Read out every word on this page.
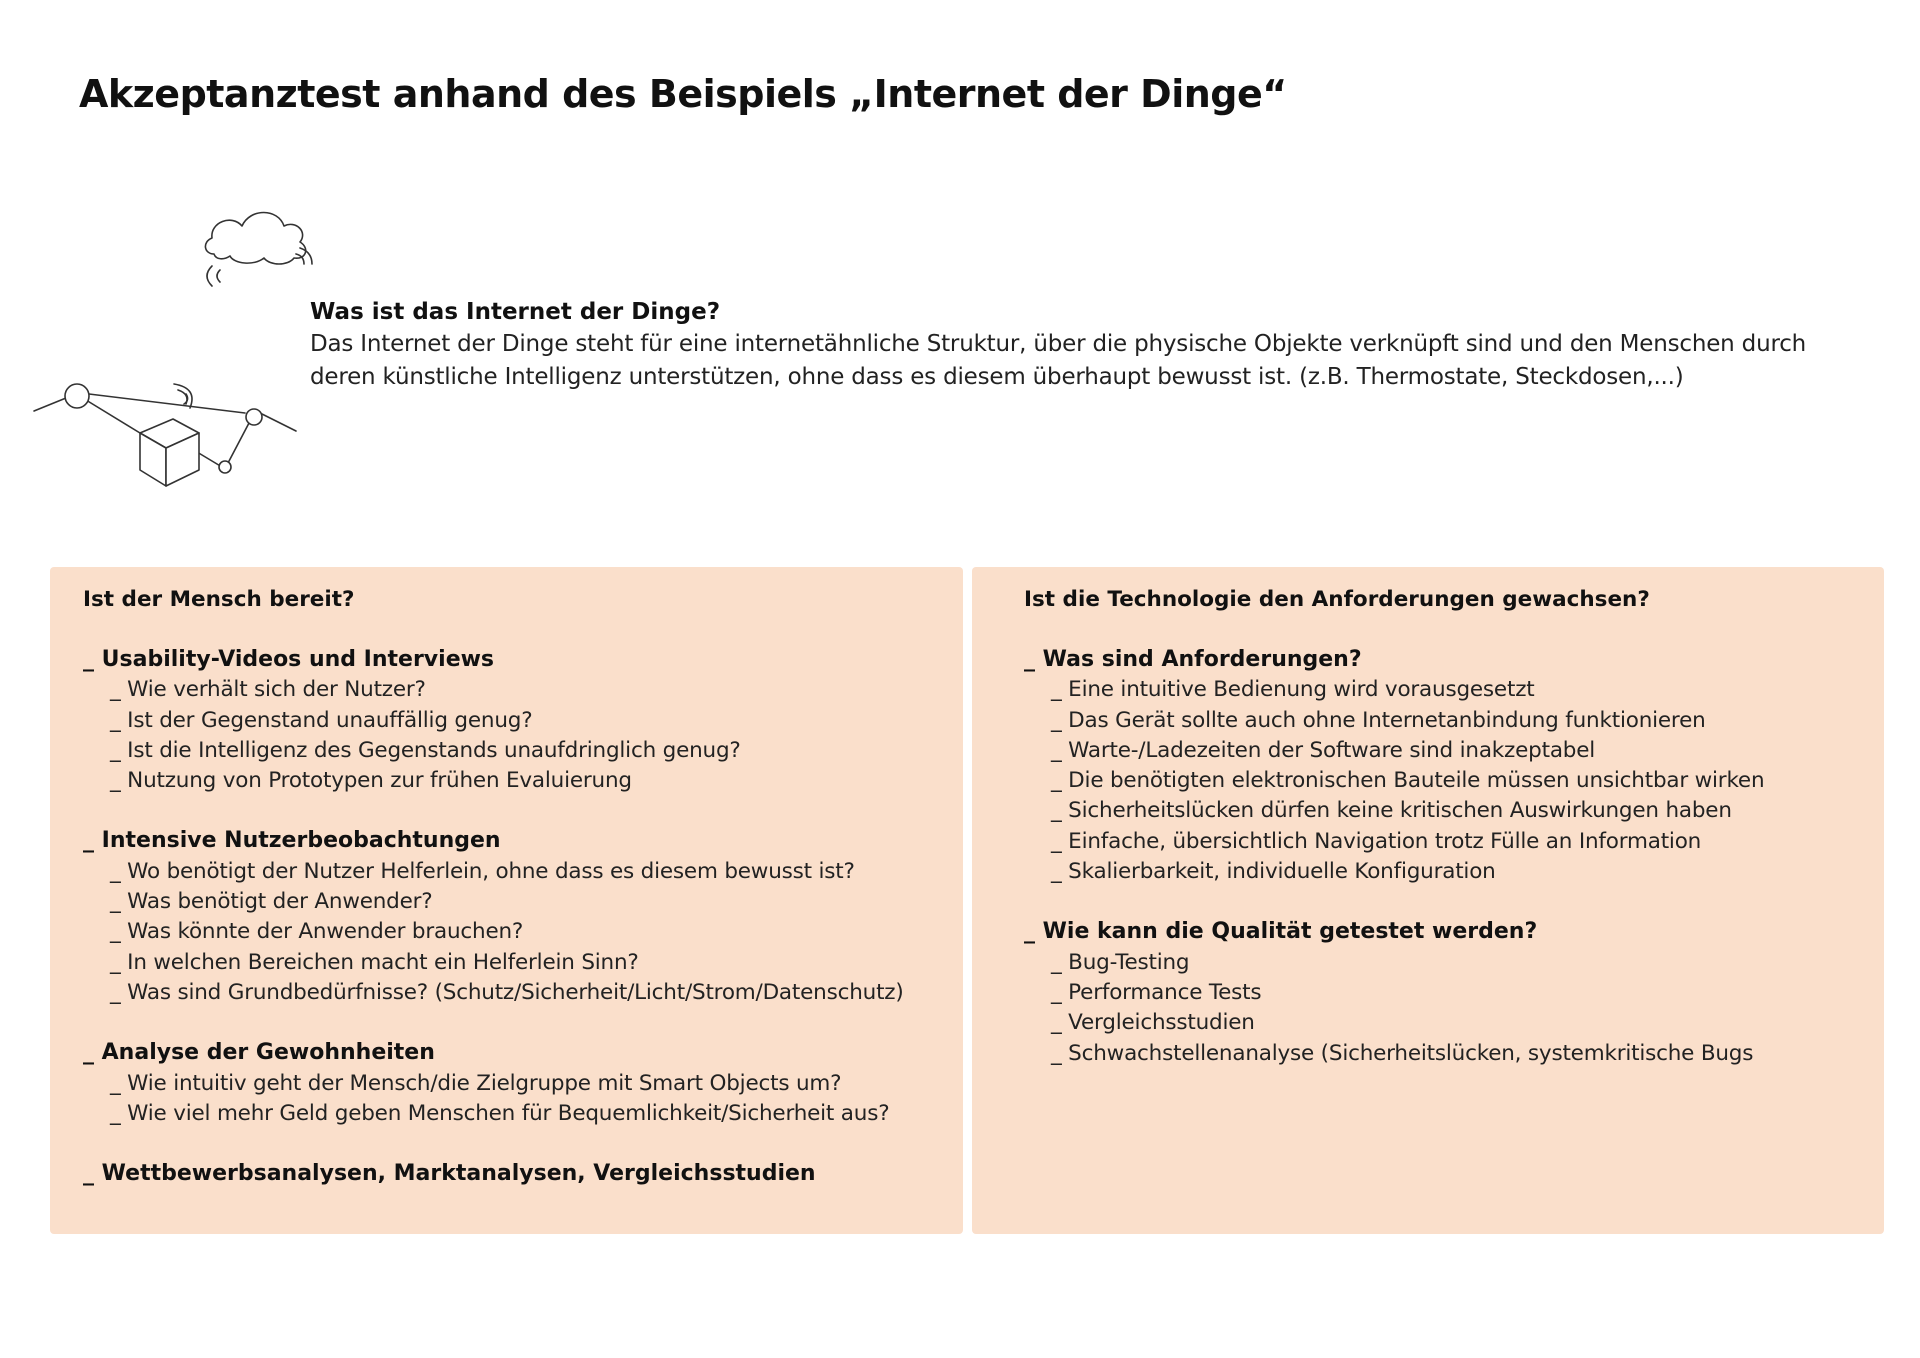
Akzeptanztest anhand des Beispiels „Internet der Dinge“
Was ist das Internet der Dinge?

Das Internet der Dinge steht für eine internetähnliche Struktur, über die physische Objekte verknüpft sind und den Menschen durch deren künstliche Intelligenz unterstützen, ohne dass es diesem überhaupt bewusst ist. (z.B. Thermostate, Steckdosen,...)

Ist der Mensch bereit?
_ Usability-Videos und Interviews
_ Wie verhält sich der Nutzer?
_ Ist der Gegenstand unauffällig genug?
_ Ist die Intelligenz des Gegenstands unaufdringlich genug?
_ Nutzung von Prototypen zur frühen Evaluierung
_ Intensive Nutzerbeobachtungen
_ Wo benötigt der Nutzer Helferlein, ohne dass es diesem bewusst ist?
_ Was benötigt der Anwender?
_ Was könnte der Anwender brauchen?
_ In welchen Bereichen macht ein Helferlein Sinn?
_ Was sind Grundbedürfnisse? (Schutz/Sicherheit/Licht/Strom/Datenschutz)
_ Analyse der Gewohnheiten
_ Wie intuitiv geht der Mensch/die Zielgruppe mit Smart Objects um?
_ Wie viel mehr Geld geben Menschen für Bequemlichkeit/Sicherheit aus?
_ Wettbewerbsanalysen, Marktanalysen, Vergleichsstudien
Ist die Technologie den Anforderungen gewachsen?
_ Was sind Anforderungen?
_ Eine intuitive Bedienung wird vorausgesetzt
_ Das Gerät sollte auch ohne Internetanbindung funktionieren
_ Warte-/Ladezeiten der Software sind inakzeptabel
_ Die benötigten elektronischen Bauteile müssen unsichtbar wirken
_ Sicherheitslücken dürfen keine kritischen Auswirkungen haben
_ Einfache, übersichtlich Navigation trotz Fülle an Information
_ Skalierbarkeit, individuelle Konfiguration
_ Wie kann die Qualität getestet werden?
_ Bug-Testing
_ Performance Tests
_ Vergleichsstudien
_ Schwachstellenanalyse (Sicherheitslücken, systemkritische Bugs
